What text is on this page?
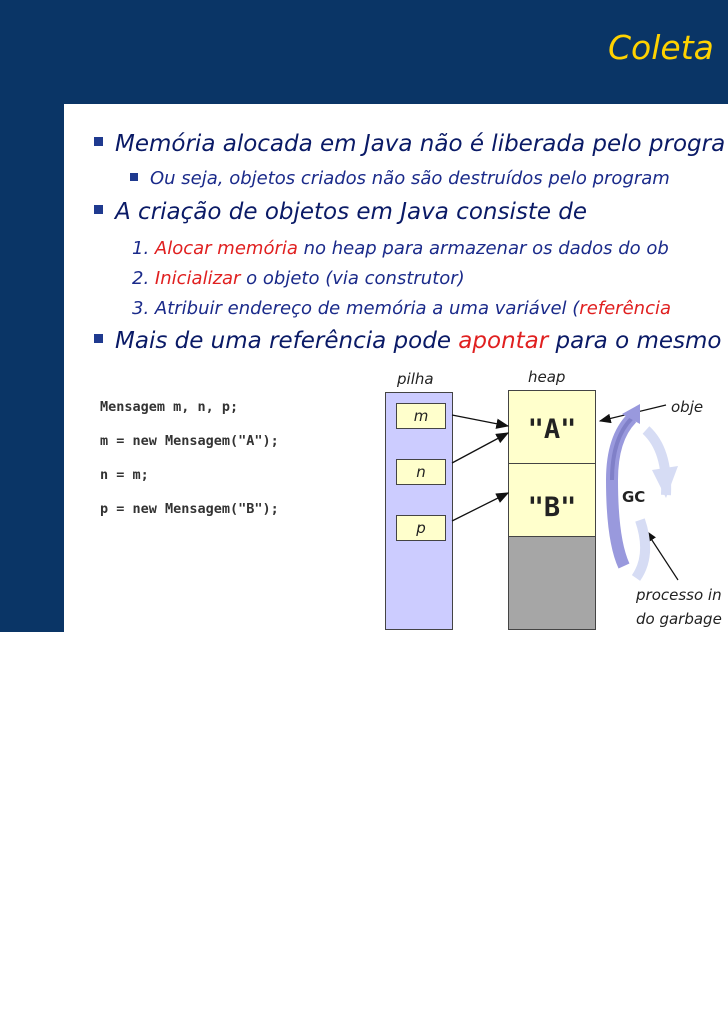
Coleta
Memória alocada em Java não é liberada pelo progra
Ou seja, objetos criados não são destruídos pelo program
A criação de objetos em Java consiste de
1. Alocar memória no heap para armazenar os dados do ob
2. Inicializar o objeto (via construtor)
3. Atribuir endereço de memória a uma variável (referência
Mais de uma referência pode apontar para o mesmo
Mensagem m, n, p;
m = new Mensagem("A");
n = m;
p = new Mensagem("B");
pilha	heap
m
n
p
"A"
"B"
obje
GC
processo in
do garbage
